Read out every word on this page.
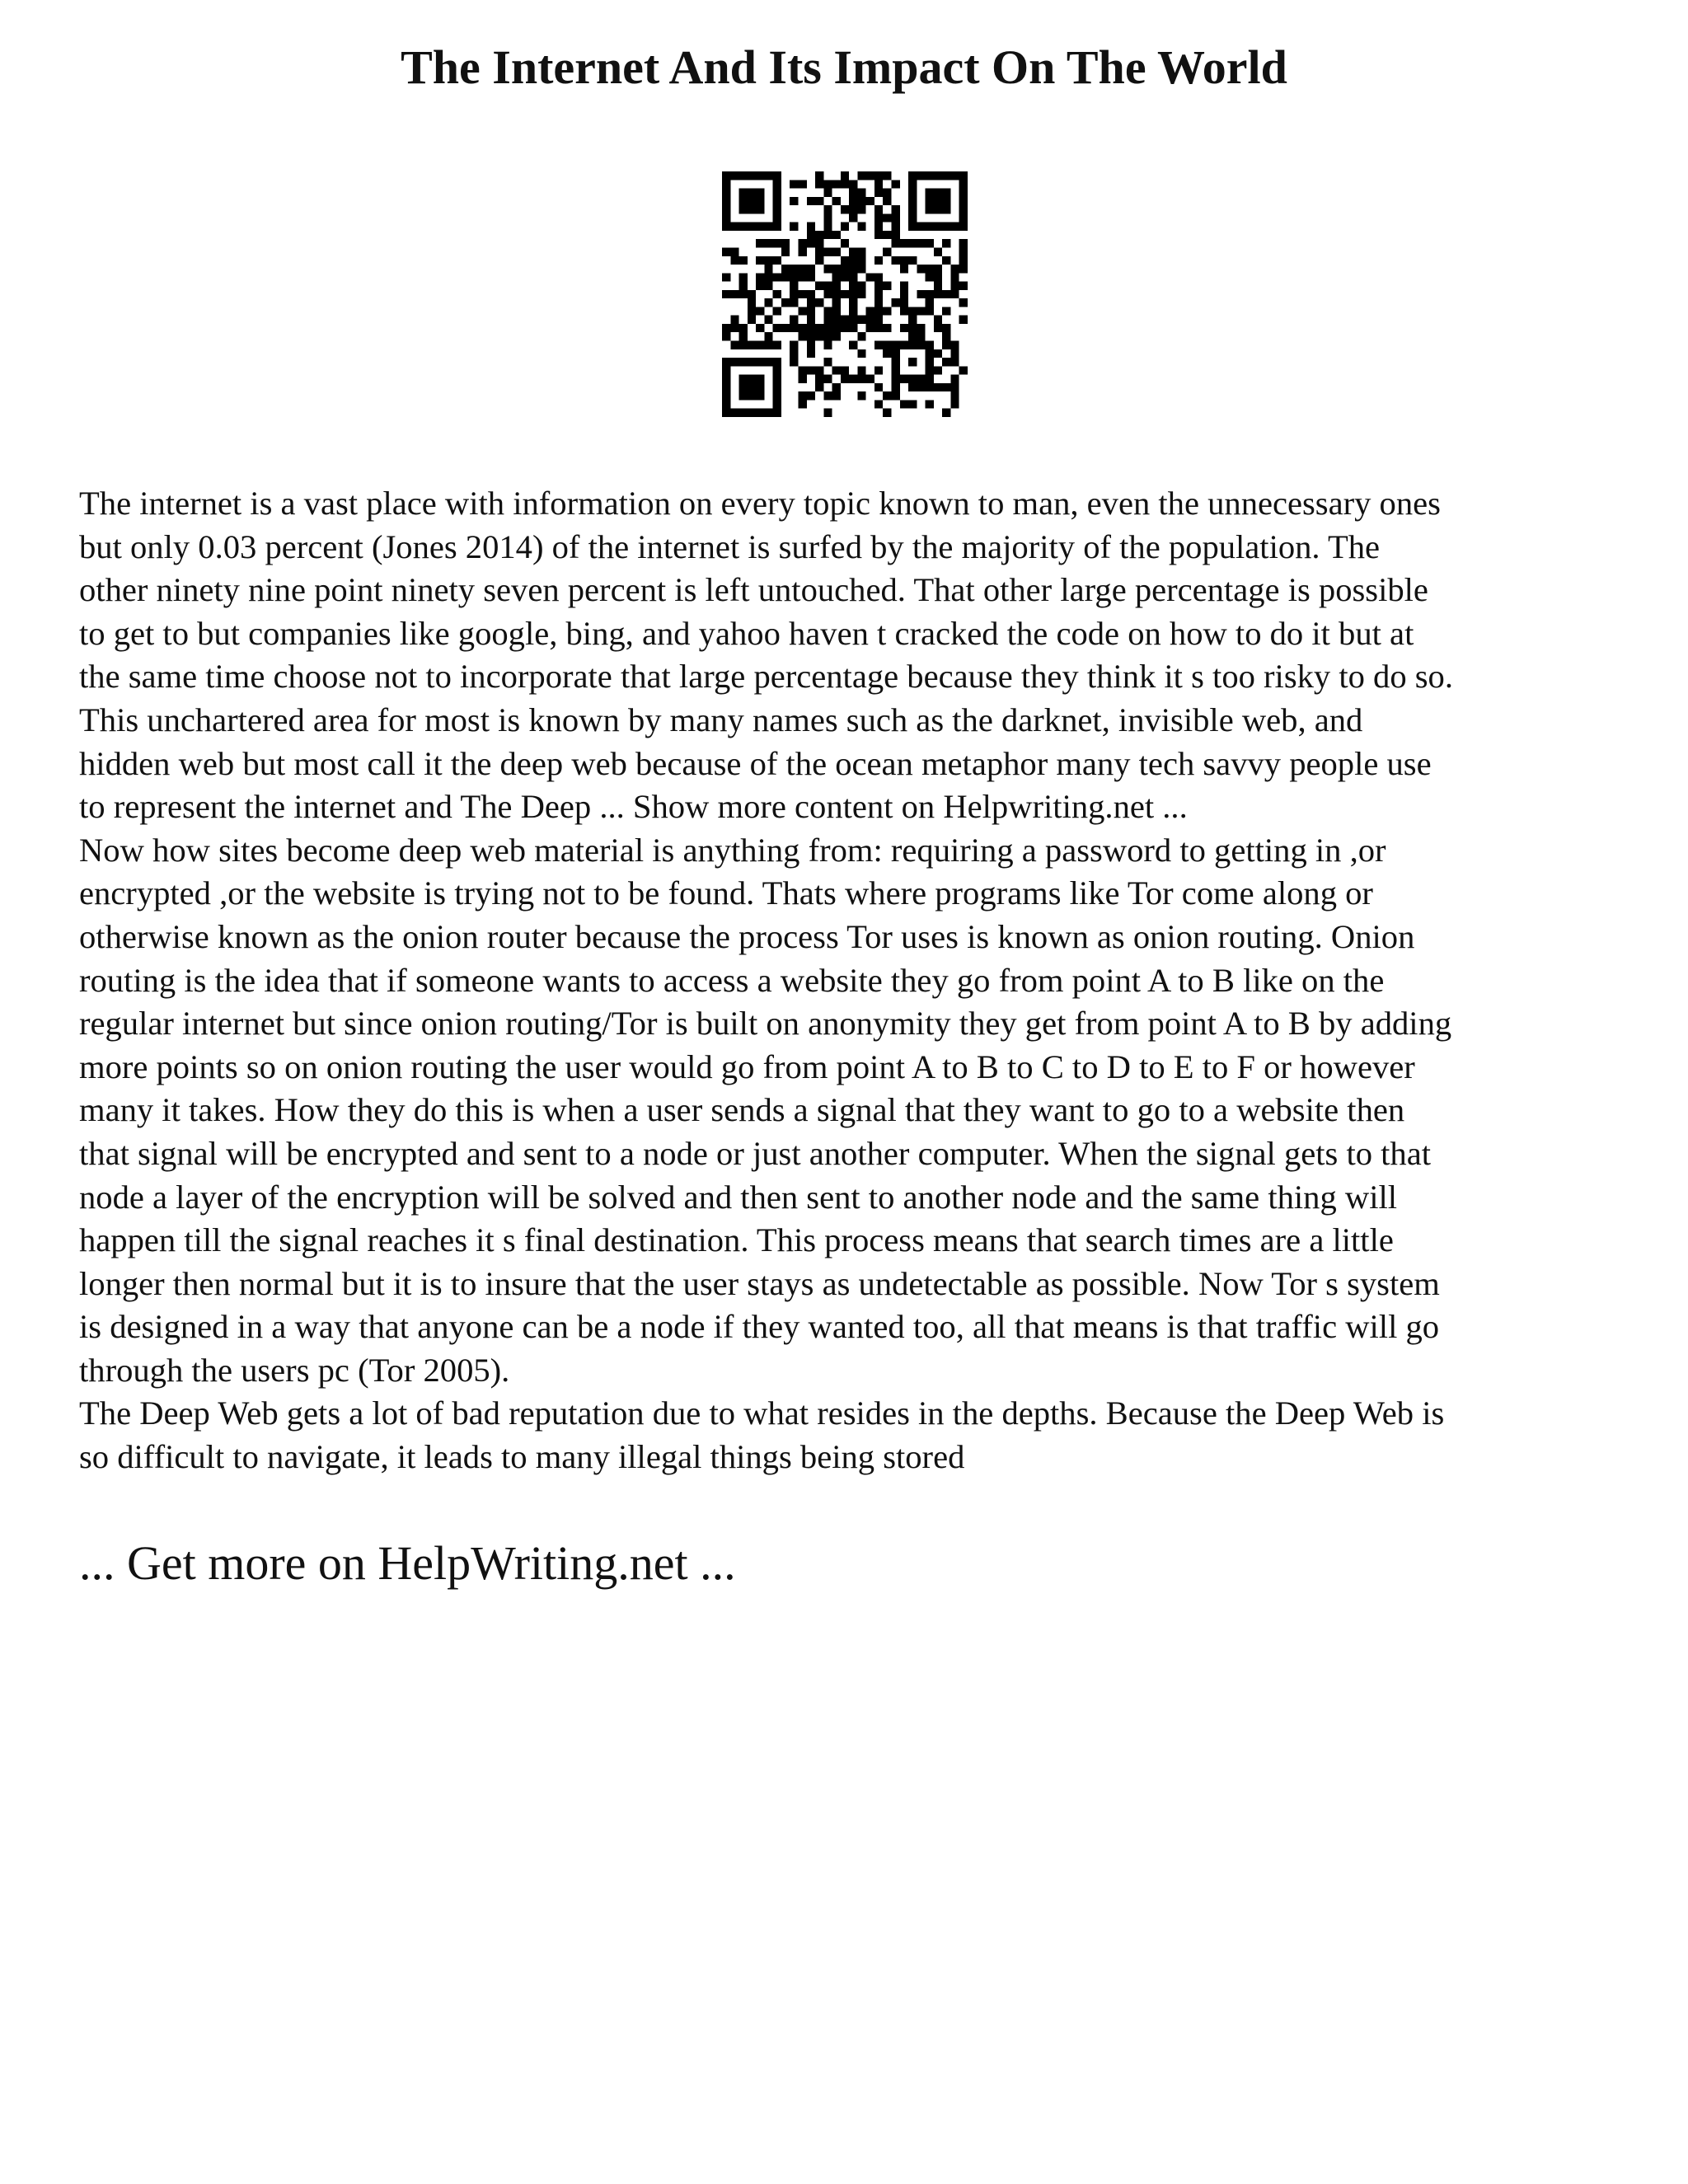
The Internet And Its Impact On The World

The internet is a vast place with information on every topic known to man, even the unnecessary ones
but only 0.03 percent (Jones 2014) of the internet is surfed by the majority of the population. The
other ninety nine point ninety seven percent is left untouched. That other large percentage is possible
to get to but companies like google, bing, and yahoo haven t cracked the code on how to do it but at
the same time choose not to incorporate that large percentage because they think it s too risky to do so.
This unchartered area for most is known by many names such as the darknet, invisible web, and
hidden web but most call it the deep web because of the ocean metaphor many tech savvy people use
to represent the internet and The Deep ... Show more content on Helpwriting.net ...

Now how sites become deep web material is anything from: requiring a password to getting in ,or
encrypted ,or the website is trying not to be found. Thats where programs like Tor come along or
otherwise known as the onion router because the process Tor uses is known as onion routing. Onion
routing is the idea that if someone wants to access a website they go from point A to B like on the
regular internet but since onion routing/Tor is built on anonymity they get from point A to B by adding
more points so on onion routing the user would go from point A to B to C to D to E to F or however
many it takes. How they do this is when a user sends a signal that they want to go to a website then
that signal will be encrypted and sent to a node or just another computer. When the signal gets to that
node a layer of the encryption will be solved and then sent to another node and the same thing will
happen till the signal reaches it s final destination. This process means that search times are a little
longer then normal but it is to insure that the user stays as undetectable as possible. Now Tor s system
is designed in a way that anyone can be a node if they wanted too, all that means is that traffic will go
through the users pc (Tor 2005).

The Deep Web gets a lot of bad reputation due to what resides in the depths. Because the Deep Web is
so difficult to navigate, it leads to many illegal things being stored

... Get more on HelpWriting.net ...
